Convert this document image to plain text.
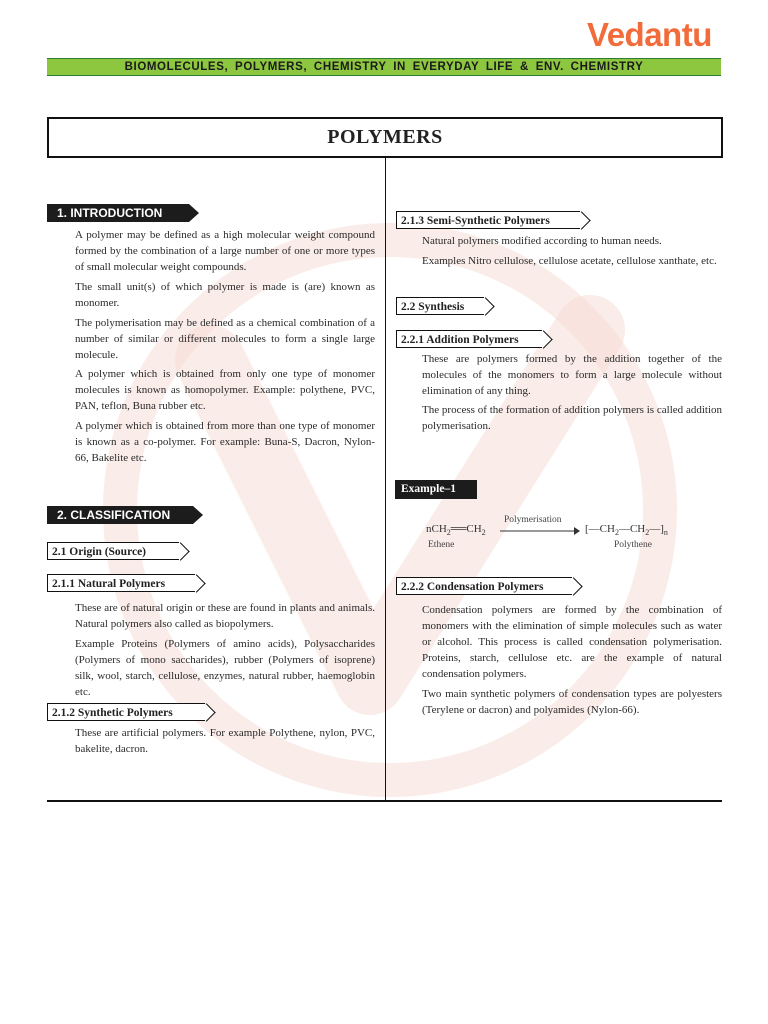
Vedantu
BIOMOLECULES, POLYMERS, CHEMISTRY IN EVERYDAY LIFE & ENV. CHEMISTRY
POLYMERS
1. INTRODUCTION

A polymer may be defined as a high molecular weight compound formed by the combination of a large number of one or more types of small molecular weight compounds.

The small unit(s) of which polymer is made is (are) known as monomer.

The polymerisation may be defined as a chemical combination of a number of similar or different molecules to form a single large molecule.

A polymer which is obtained from only one type of monomer molecules is known as homopolymer. Example: polythene, PVC, PAN, teflon, Buna rubber etc.

A polymer which is obtained from more than one type of monomer is known as a co-polymer. For example: Buna-S, Dacron, Nylon-66, Bakelite etc.

2. CLASSIFICATION
2.1 Origin (Source)
2.1.1 Natural Polymers

These are of natural origin or these are found in plants and animals. Natural polymers also called as biopolymers.

Example Proteins (Polymers of amino acids), Polysaccharides (Polymers of mono saccharides), rubber (Polymers of isoprene) silk, wool, starch, cellulose, enzymes, natural rubber, haemoglobin etc.

2.1.2 Synthetic Polymers

These are artificial polymers. For example Polythene, nylon, PVC, bakelite, dacron.

2.1.3 Semi-Synthetic Polymers

Natural polymers modified according to human needs.

Examples Nitro cellulose, cellulose acetate, cellulose xanthate, etc.

2.2 Synthesis
2.2.1 Addition Polymers

These are polymers formed by the addition together of the molecules of the monomers to form a large molecule without elimination of any thing.

The process of the formation of addition polymers is called addition polymerisation.

Example–1
$nCH_2══CH_2$
Polymerisation
$[—CH_2—CH_2—]_n$
Ethene	Polythene
2.2.2 Condensation Polymers

Condensation polymers are formed by the combination of monomers with the elimination of simple molecules such as water or alcohol. This process is called condensation polymerisation. Proteins, starch, cellulose etc. are the example of natural condensation polymers.

Two main synthetic polymers of condensation types are polyesters (Terylene or dacron) and polyamides (Nylon-66).
